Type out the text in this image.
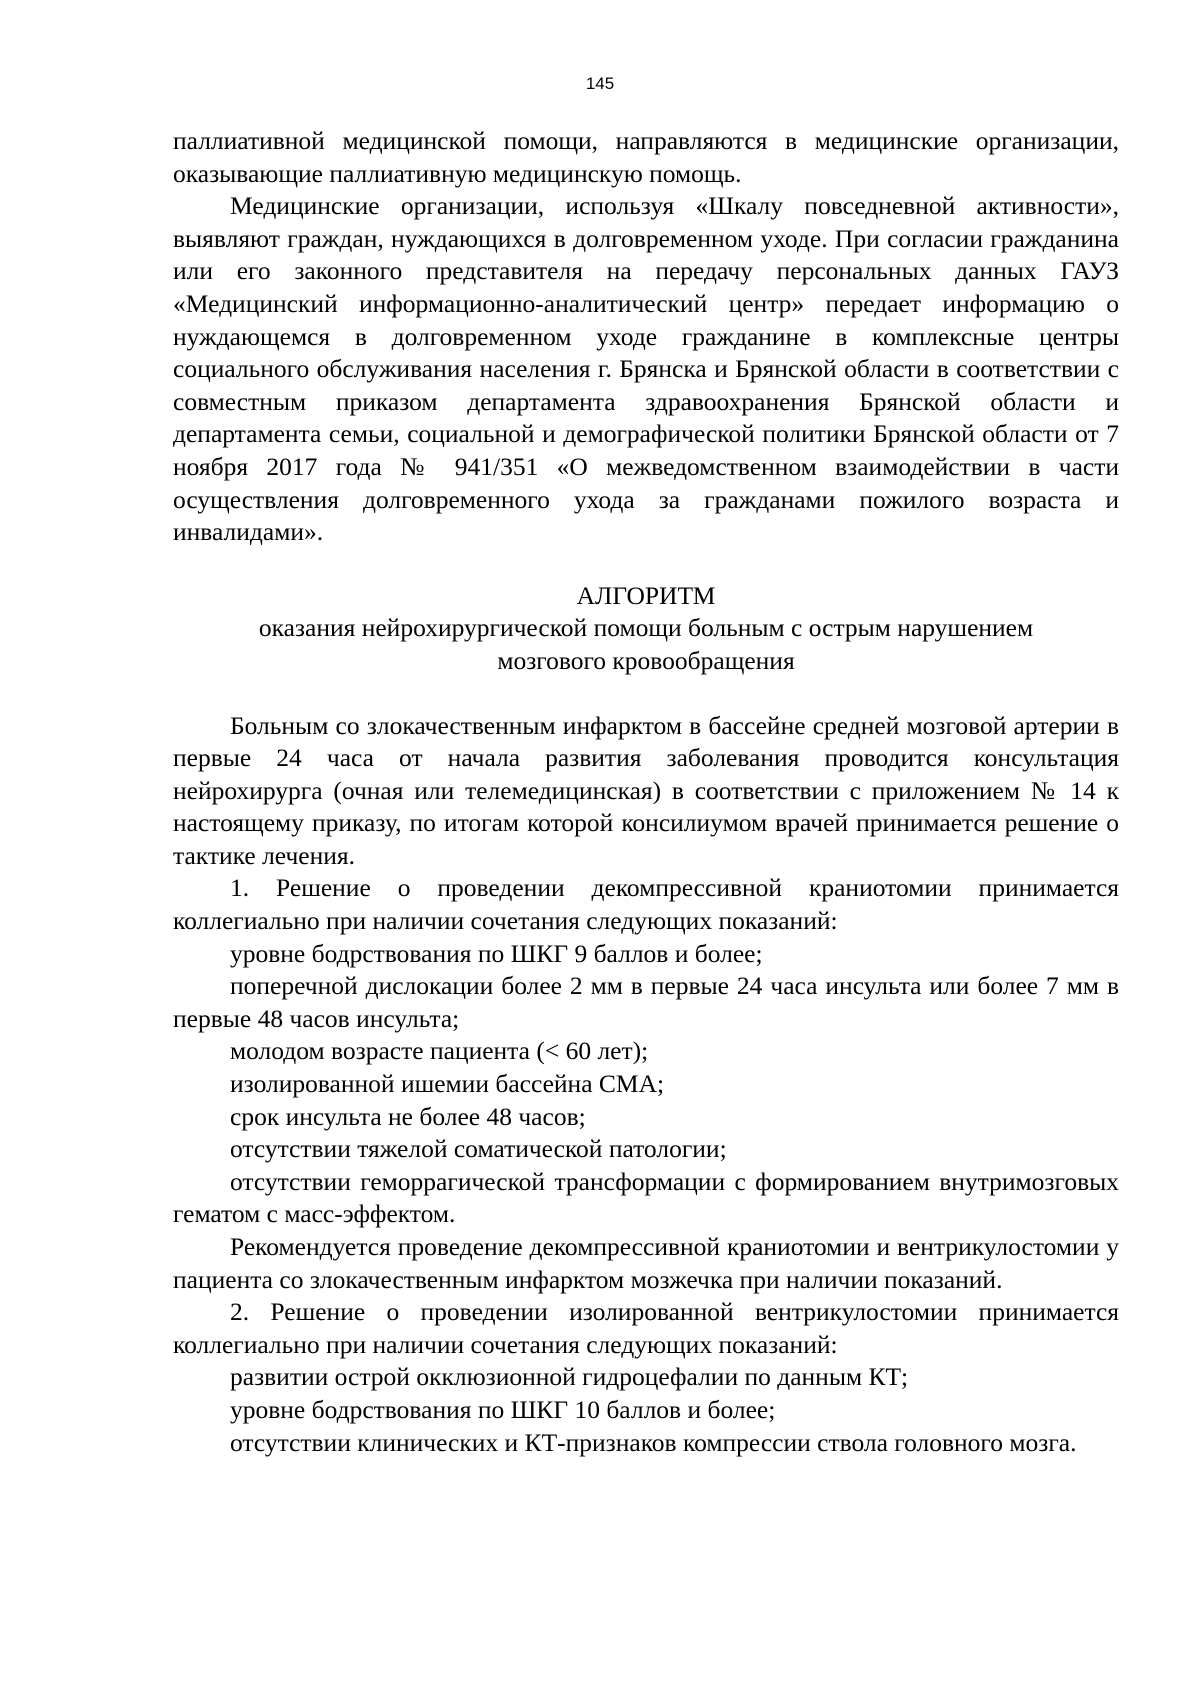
145

паллиативной медицинской помощи, направляются в медицинские организации, оказывающие паллиативную медицинскую помощь.

Медицинские организации, используя «Шкалу повседневной активности», выявляют граждан, нуждающихся в долговременном уходе. При согласии гражданина или его законного представителя на передачу персональных данных ГАУЗ «Медицинский информационно-аналитический центр» передает информацию о нуждающемся в долговременном уходе гражданине в комплексные центры социального обслуживания населения г. Брянска и Брянской области в соответствии с совместным приказом департамента здравоохранения Брянской области и департамента семьи, социальной и демографической политики Брянской области от 7 ноября 2017 года № 941/351 «О межведомственном взаимодействии в части осуществления долговременного ухода за гражданами пожилого возраста и инвалидами».

АЛГОРИТМ
оказания нейрохирургической помощи больным с острым нарушением
мозгового кровообращения

Больным со злокачественным инфарктом в бассейне средней мозговой артерии в первые 24 часа от начала развития заболевания проводится консультация нейрохирурга (очная или телемедицинская) в соответствии с приложением № 14 к настоящему приказу, по итогам которой консилиумом врачей принимается решение о тактике лечения.

1. Решение о проведении декомпрессивной краниотомии принимается коллегиально при наличии сочетания следующих показаний:

уровне бодрствования по ШКГ 9 баллов и более;

поперечной дислокации более 2 мм в первые 24 часа инсульта или более 7 мм в первые 48 часов инсульта;

молодом возрасте пациента (< 60 лет);

изолированной ишемии бассейна СМА;

срок инсульта не более 48 часов;

отсутствии тяжелой соматической патологии;

отсутствии геморрагической трансформации с формированием внутримозговых гематом с масс-эффектом.

Рекомендуется проведение декомпрессивной краниотомии и вентрикулостомии у пациента со злокачественным инфарктом мозжечка при наличии показаний.

2. Решение о проведении изолированной вентрикулостомии принимается коллегиально при наличии сочетания следующих показаний:

развитии острой окклюзионной гидроцефалии по данным КТ;

уровне бодрствования по ШКГ 10 баллов и более;

отсутствии клинических и КТ-признаков компрессии ствола головного мозга.
